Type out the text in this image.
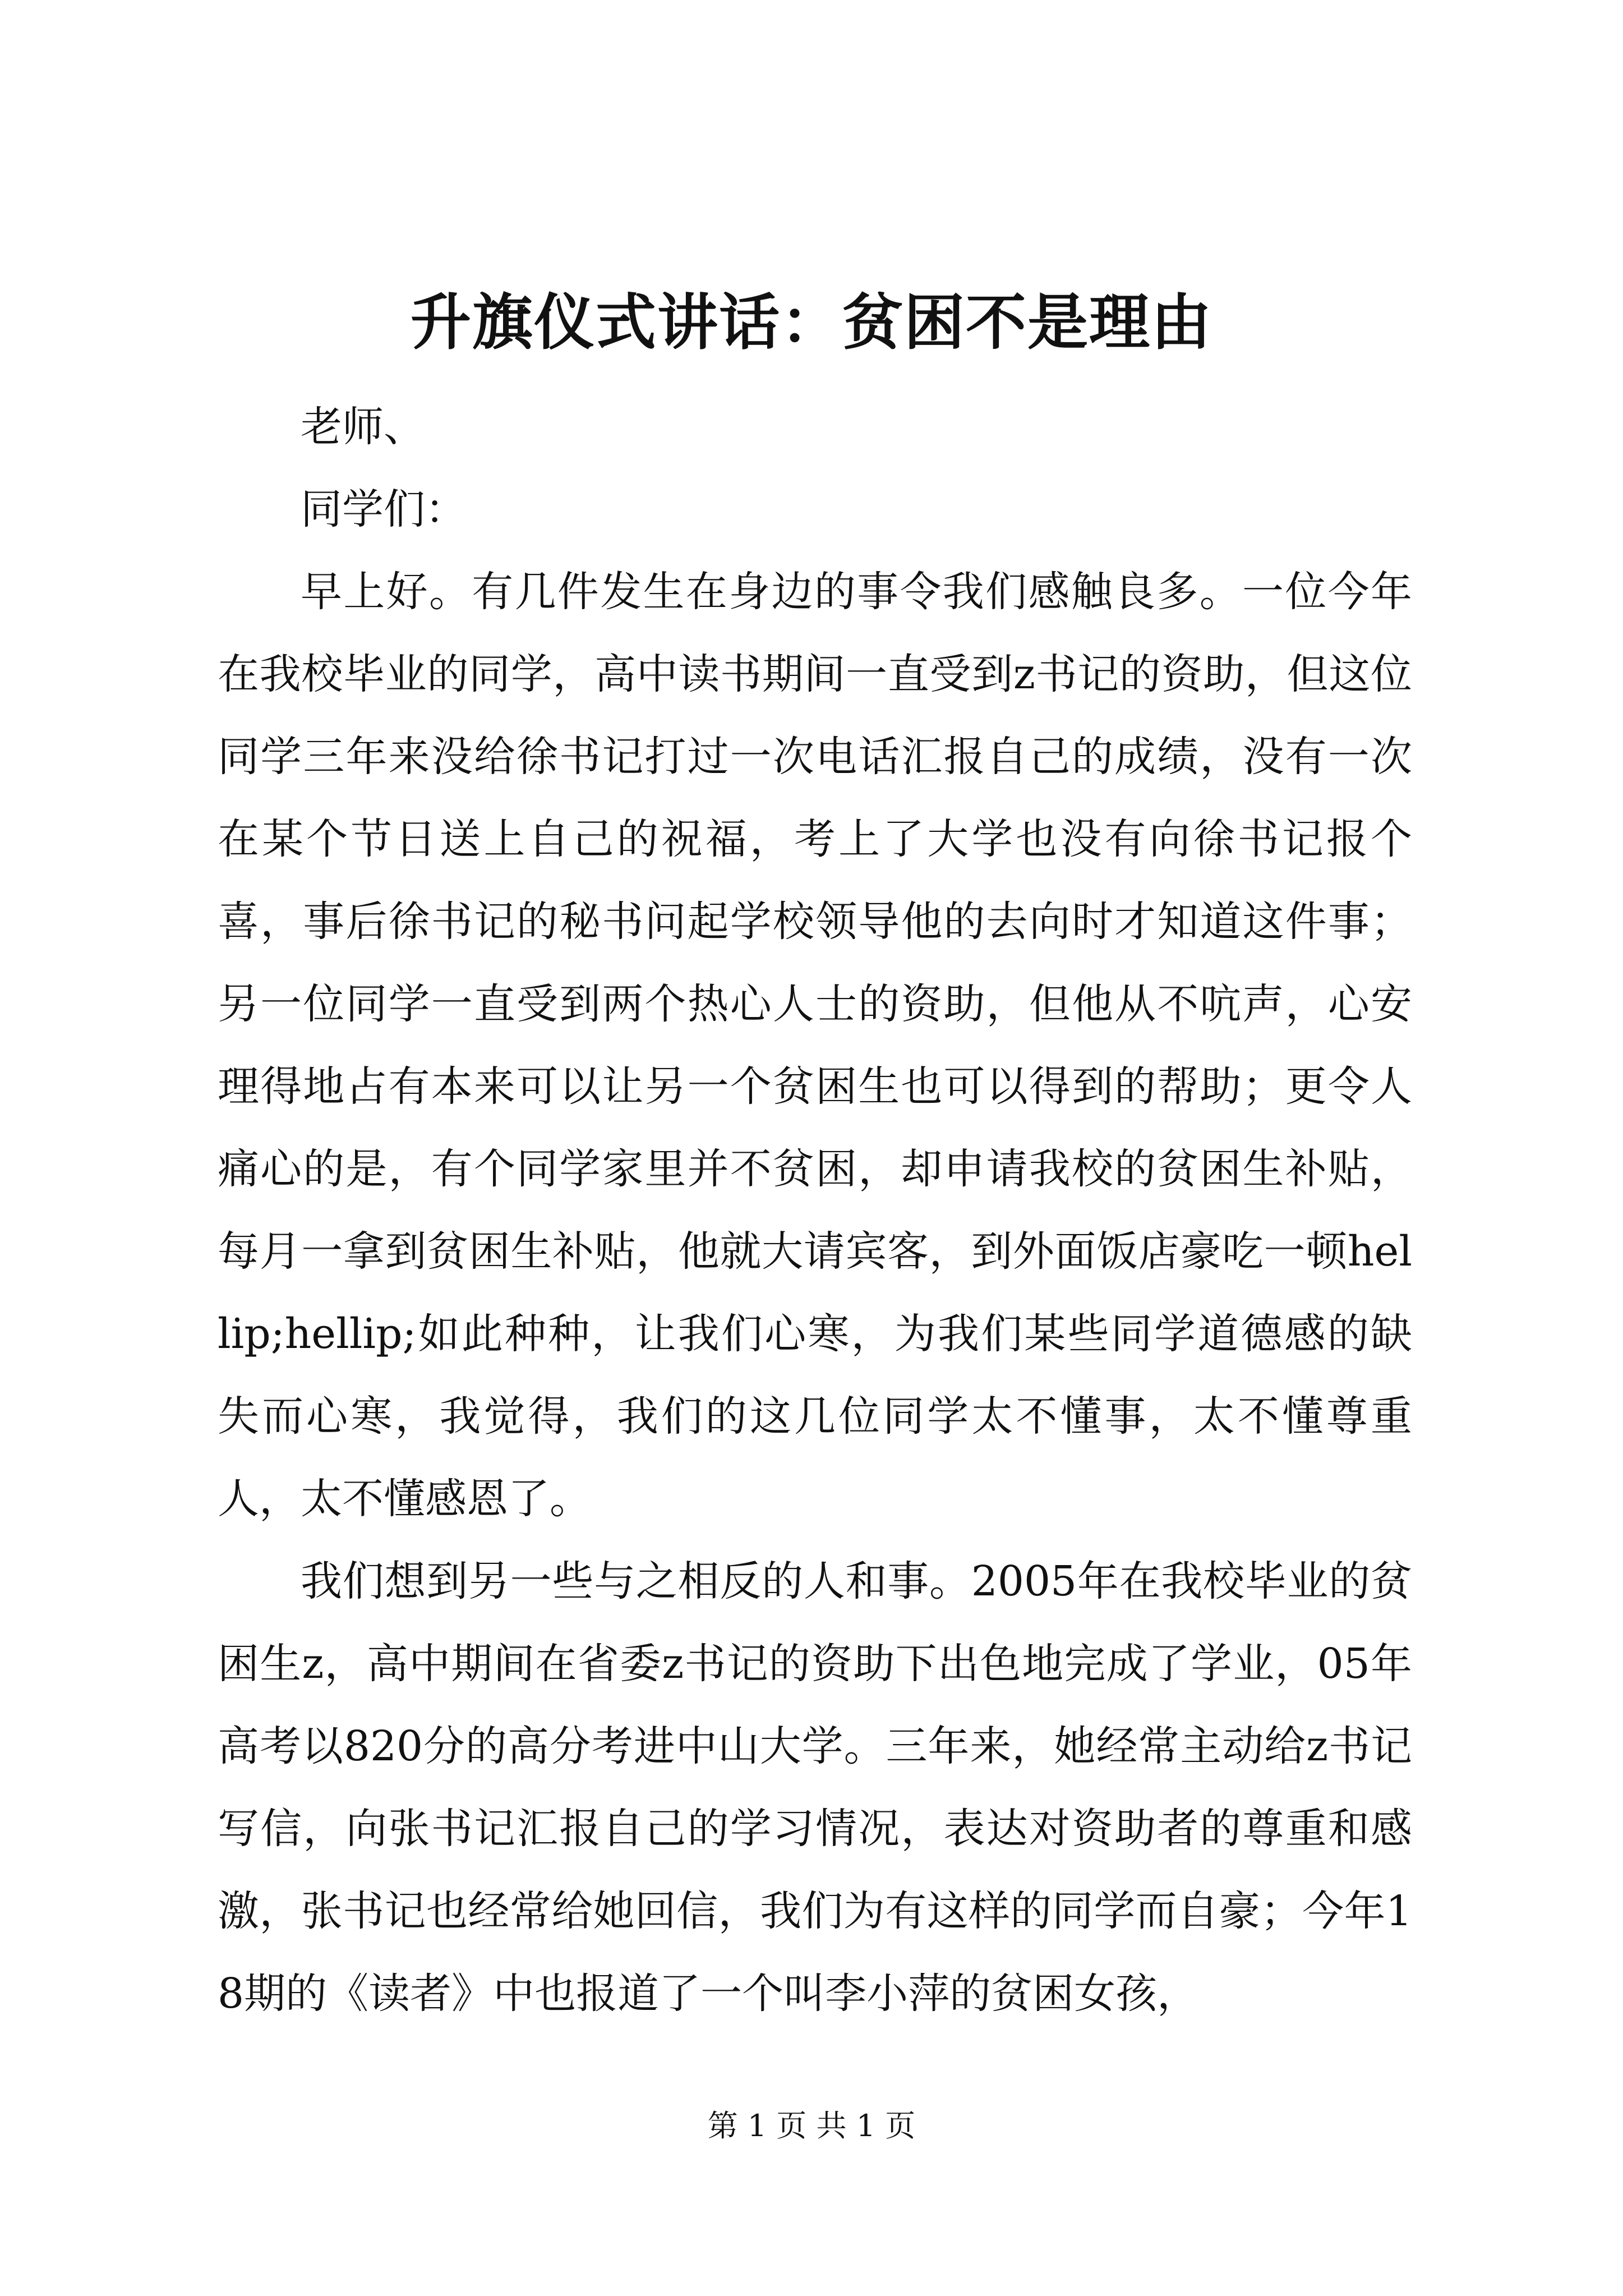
升旗仪式讲话：贫困不是理由

老师、

同学们：

早上好。有几件发生在身边的事令我们感触良多。一位今年在我校毕业的同学，高中读书期间一直受到z书记的资助，但这位同学三年来没给徐书记打过一次电话汇报自己的成绩，没有一次在某个节日送上自己的祝福，考上了大学也没有向徐书记报个喜，事后徐书记的秘书问起学校领导他的去向时才知道这件事；另一位同学一直受到两个热心人士的资助，但他从不吭声，心安理得地占有本来可以让另一个贫困生也可以得到的帮助；更令人痛心的是，有个同学家里并不贫困，却申请我校的贫困生补贴，每月一拿到贫困生补贴，他就大请宾客，到外面饭店豪吃一顿hellip;hellip;如此种种，让我们心寒，为我们某些同学道德感的缺失而心寒，我觉得，我们的这几位同学太不懂事，太不懂尊重人，太不懂感恩了。

我们想到另一些与之相反的人和事。2005年在我校毕业的贫困生z，高中期间在省委z书记的资助下出色地完成了学业，05年高考以820分的高分考进中山大学。三年来，她经常主动给z书记写信，向张书记汇报自己的学习情况，表达对资助者的尊重和感激，张书记也经常给她回信，我们为有这样的同学而自豪；今年18期的《读者》中也报道了一个叫李小萍的贫困女孩，

第 1 页 共 1 页
